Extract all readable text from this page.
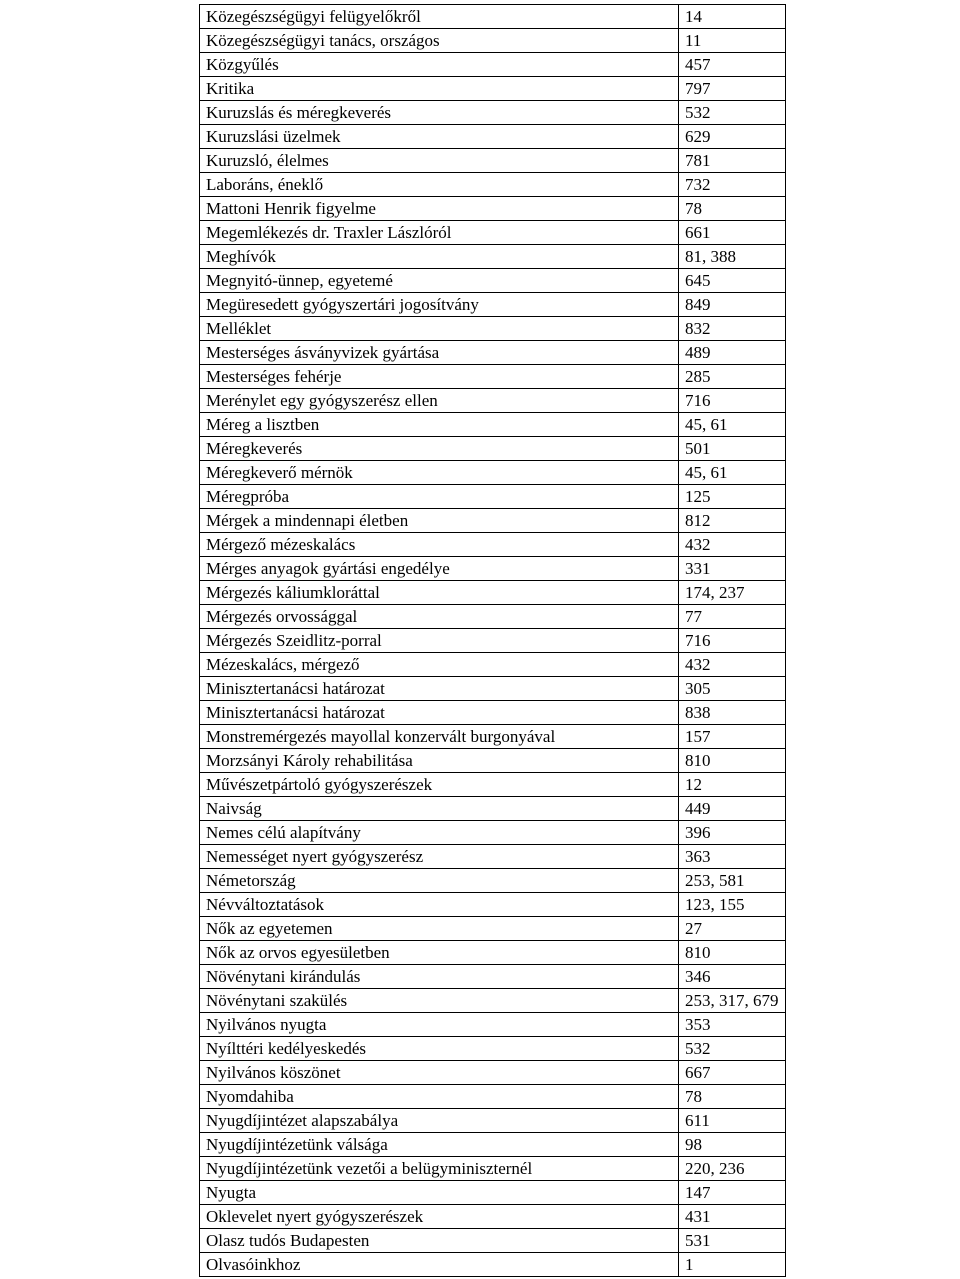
Közegészségügyi felügyelőkről	14
Közegészségügyi tanács, országos	11
Közgyűlés	457
Kritika	797
Kuruzslás és méregkeverés	532
Kuruzslási üzelmek	629
Kuruzsló, élelmes	781
Laboráns, éneklő	732
Mattoni Henrik figyelme	78
Megemlékezés dr. Traxler Lászlóról	661
Meghívók	81, 388
Megnyitó-ünnep, egyetemé	645
Megüresedett gyógyszertári jogosítvány	849
Melléklet	832
Mesterséges ásványvizek gyártása	489
Mesterséges fehérje	285
Merénylet egy gyógyszerész ellen	716
Méreg a lisztben	45, 61
Méregkeverés	501
Méregkeverő mérnök	45, 61
Méregpróba	125
Mérgek a mindennapi életben	812
Mérgező mézeskalács	432
Mérges anyagok gyártási engedélye	331
Mérgezés káliumkloráttal	174, 237
Mérgezés orvossággal	77
Mérgezés Szeidlitz-porral	716
Mézeskalács, mérgező	432
Minisztertanácsi határozat	305
Minisztertanácsi határozat	838
Monstremérgezés mayollal konzervált burgonyával	157
Morzsányi Károly rehabilitása	810
Művészetpártoló gyógyszerészek	12
Naivság	449
Nemes célú alapítvány	396
Nemességet nyert gyógyszerész	363
Németország	253, 581
Névváltoztatások	123, 155
Nők az egyetemen	27
Nők az orvos egyesületben	810
Növénytani kirándulás	346
Növénytani szakülés	253, 317, 679
Nyilvános nyugta	353
Nyílttéri kedélyeskedés	532
Nyilvános köszönet	667
Nyomdahiba	78
Nyugdíjintézet alapszabálya	611
Nyugdíjintézetünk válsága	98
Nyugdíjintézetünk vezetői a belügyminiszternél	220, 236
Nyugta	147
Oklevelet nyert gyógyszerészek	431
Olasz tudós Budapesten	531
Olvasóinkhoz	1
